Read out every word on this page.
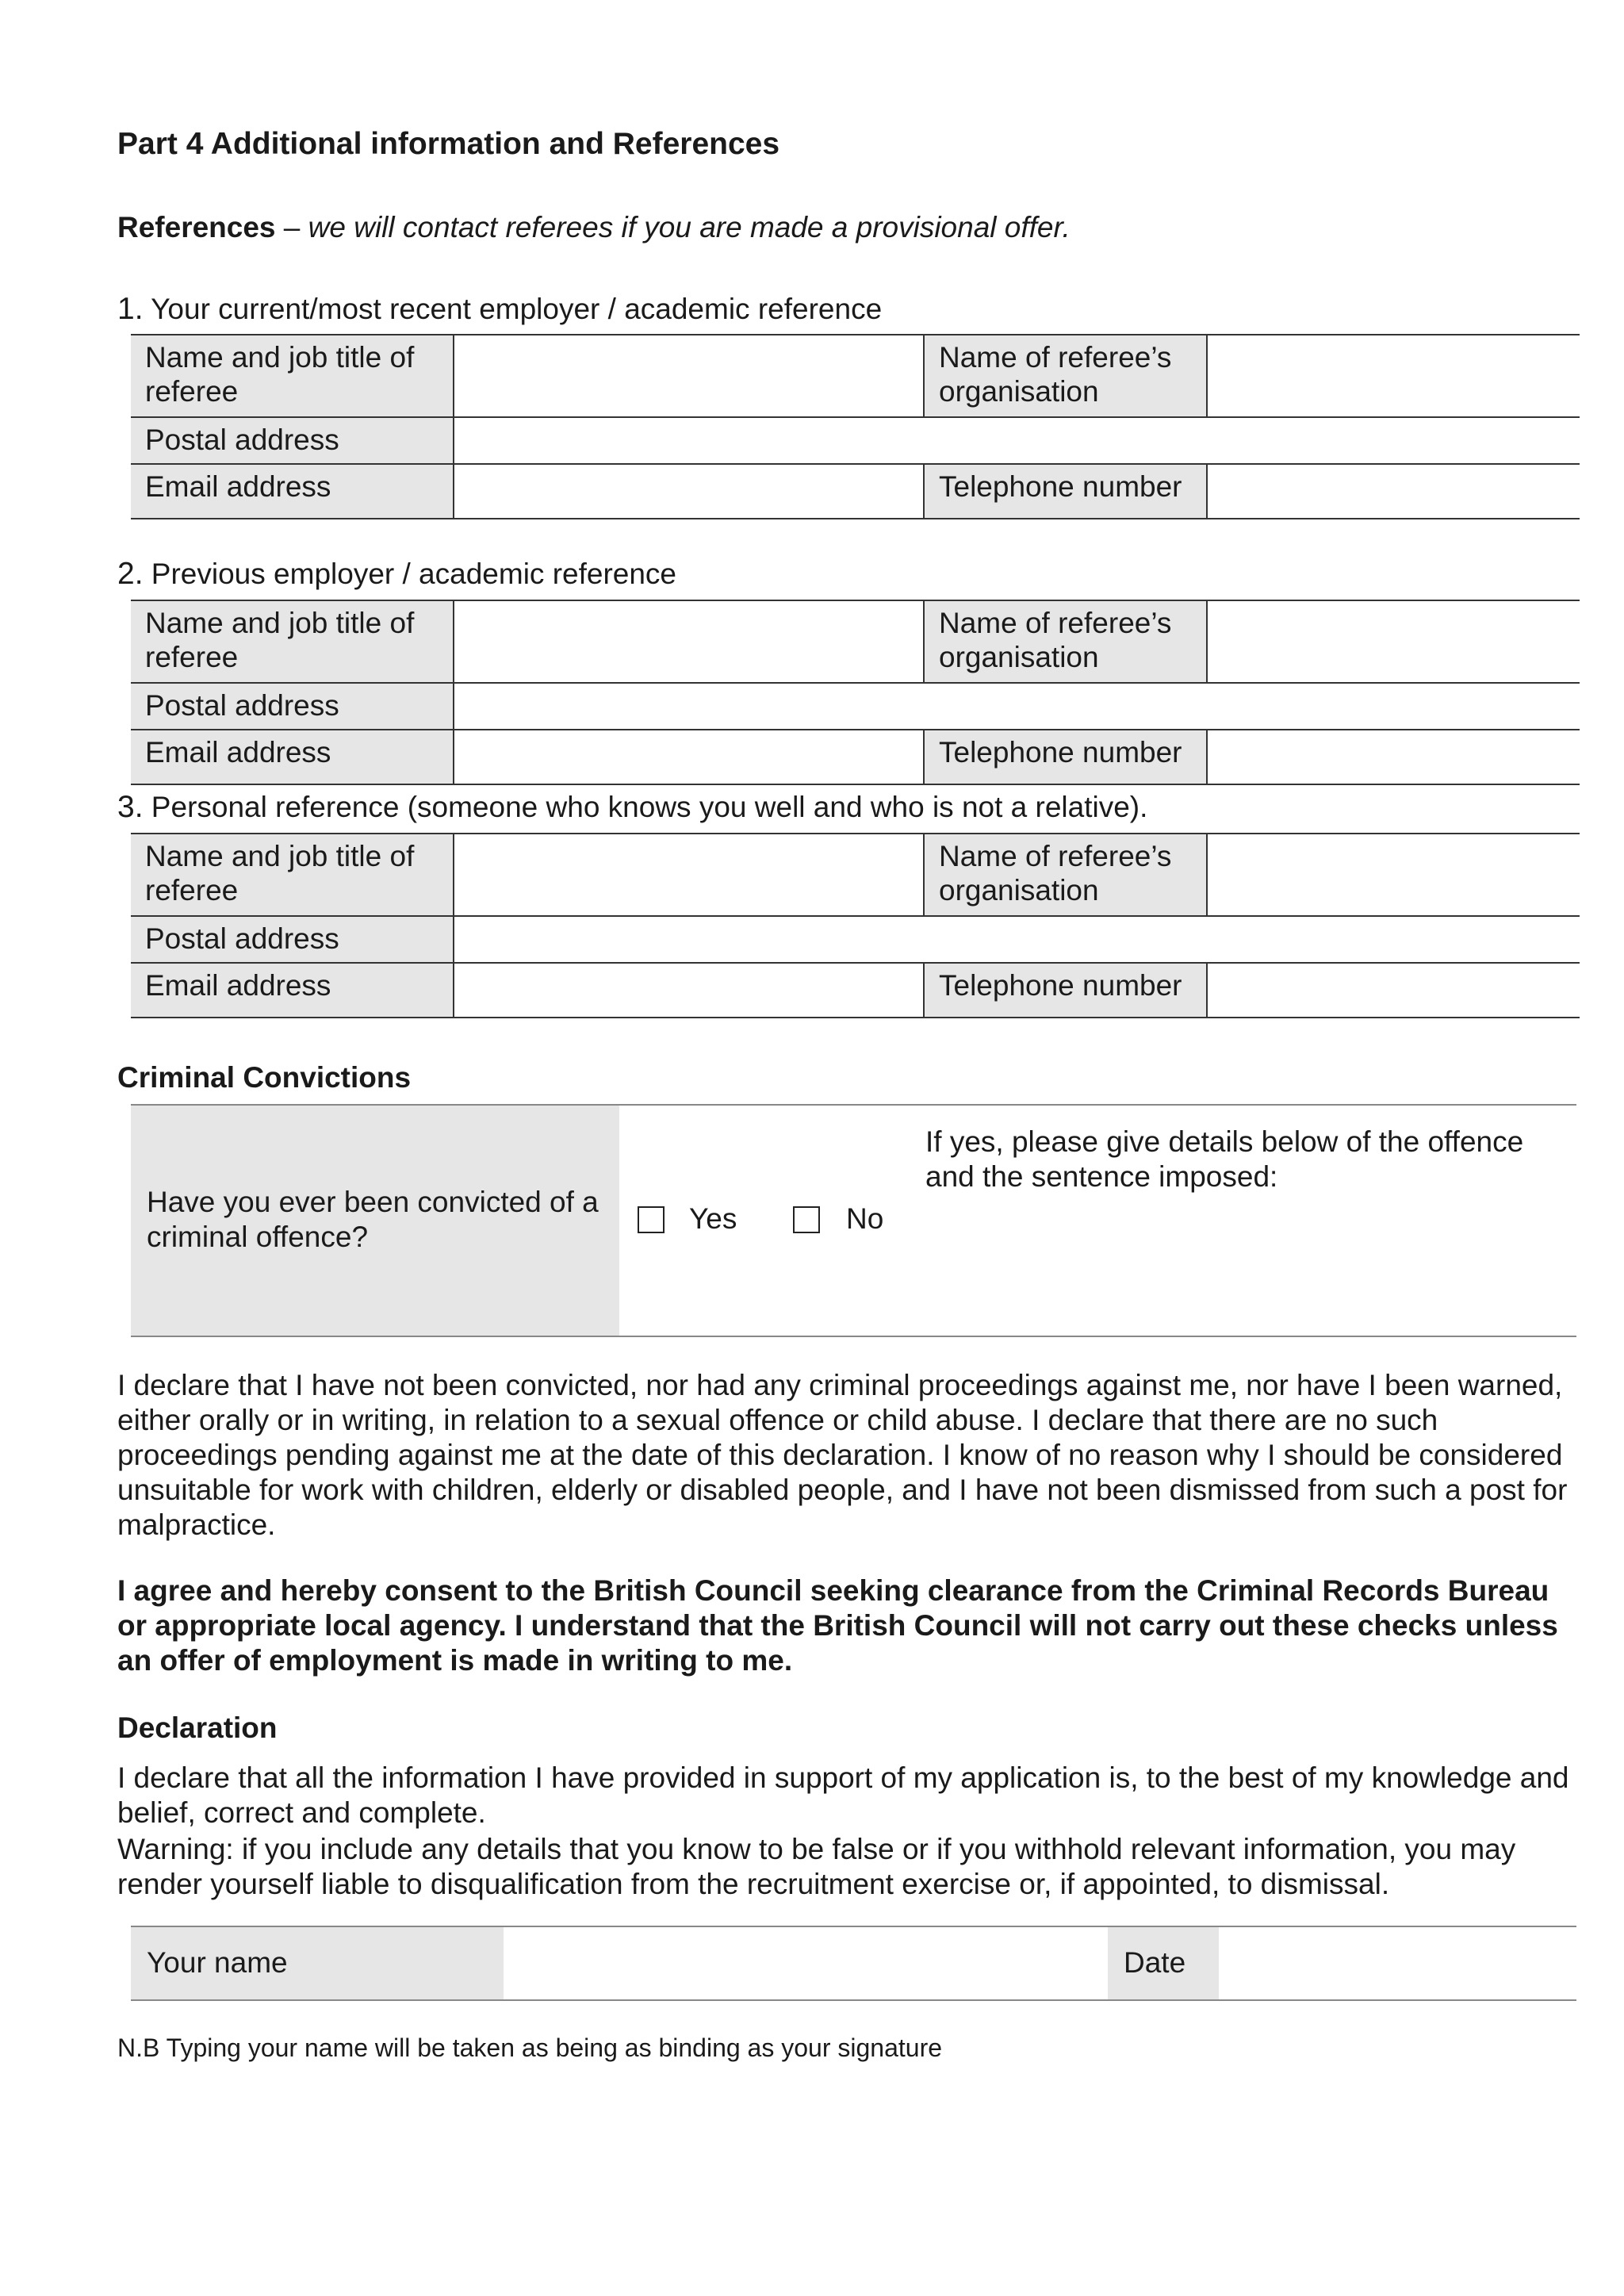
Part 4 Additional information and References
References – we will contact referees if you are made a provisional offer.
1. Your current/most recent employer / academic reference
Name and job title of referee		Name of referee’s organisation	
Postal address			
Email address		Telephone number	
2. Previous employer / academic reference
Name and job title of referee		Name of referee’s organisation	
Postal address			
Email address		Telephone number	
3. Personal reference (someone who knows you well and who is not a relative).
Name and job title of referee		Name of referee’s organisation	
Postal address			
Email address		Telephone number	
Criminal Convictions
Have you ever been convicted of a criminal offence?
Yes	No
If yes, please give details below of the offence and the sentence imposed:
I declare that I have not been convicted, nor had any criminal proceedings against me, nor have I been warned, either orally or in writing, in relation to a sexual offence or child abuse. I declare that there are no such proceedings pending against me at the date of this declaration. I know of no reason why I should be considered unsuitable for work with children, elderly or disabled people, and I have not been dismissed from such a post for malpractice.
I agree and hereby consent to the British Council seeking clearance from the Criminal Records Bureau or appropriate local agency. I understand that the British Council will not carry out these checks unless an offer of employment is made in writing to me.
Declaration
I declare that all the information I have provided in support of my application is, to the best of my knowledge and belief, correct and complete.
Warning: if you include any details that you know to be false or if you withhold relevant information, you may render yourself liable to disqualification from the recruitment exercise or, if appointed, to dismissal.
Your name	Date
N.B Typing your name will be taken as being as binding as your signature
